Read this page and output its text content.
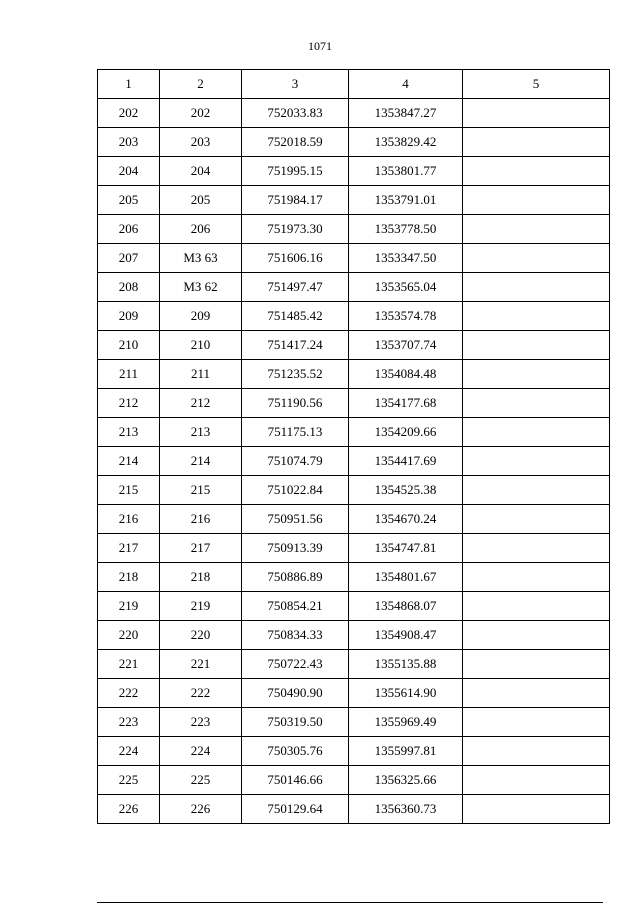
1071
1	2	3	4	5
202	202	752033.83	1353847.27	
203	203	752018.59	1353829.42	
204	204	751995.15	1353801.77	
205	205	751984.17	1353791.01	
206	206	751973.30	1353778.50	
207	МЗ 63	751606.16	1353347.50	
208	МЗ 62	751497.47	1353565.04	
209	209	751485.42	1353574.78	
210	210	751417.24	1353707.74	
211	211	751235.52	1354084.48	
212	212	751190.56	1354177.68	
213	213	751175.13	1354209.66	
214	214	751074.79	1354417.69	
215	215	751022.84	1354525.38	
216	216	750951.56	1354670.24	
217	217	750913.39	1354747.81	
218	218	750886.89	1354801.67	
219	219	750854.21	1354868.07	
220	220	750834.33	1354908.47	
221	221	750722.43	1355135.88	
222	222	750490.90	1355614.90	
223	223	750319.50	1355969.49	
224	224	750305.76	1355997.81	
225	225	750146.66	1356325.66	
226	226	750129.64	1356360.73	
